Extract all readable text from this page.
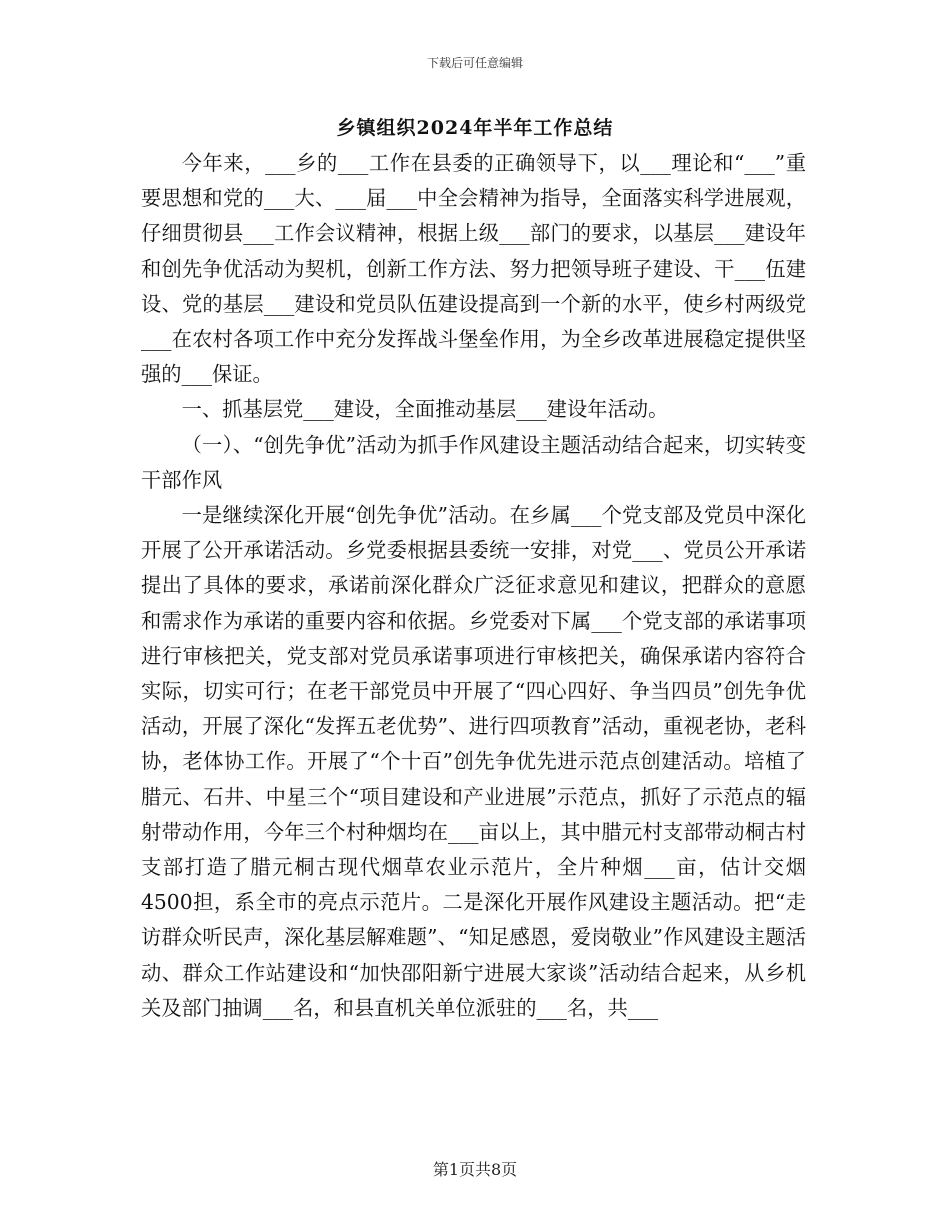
下载后可任意编辑
乡镇组织2024年半年工作总结

今年来，___乡的___工作在县委的正确领导下，以___理论和“___”重要思想和党的___大、___届___中全会精神为指导，全面落实科学进展观，仔细贯彻县___工作会议精神，根据上级___部门的要求，以基层___建设年和创先争优活动为契机，创新工作方法、努力把领导班子建设、干___伍建设、党的基层___建设和党员队伍建设提高到一个新的水平，使乡村两级党___在农村各项工作中充分发挥战斗堡垒作用，为全乡改革进展稳定提供坚强的___保证。

一、抓基层党___建设，全面推动基层___建设年活动。

（一）、“创先争优”活动为抓手作风建设主题活动结合起来，切实转变干部作风

一是继续深化开展“创先争优”活动。在乡属___个党支部及党员中深化开展了公开承诺活动。乡党委根据县委统一安排，对党___、党员公开承诺提出了具体的要求，承诺前深化群众广泛征求意见和建议，把群众的意愿和需求作为承诺的重要内容和依据。乡党委对下属___个党支部的承诺事项进行审核把关，党支部对党员承诺事项进行审核把关，确保承诺内容符合实际，切实可行；在老干部党员中开展了“四心四好、争当四员”创先争优活动，开展了深化“发挥五老优势”、进行四项教育”活动，重视老协，老科协，老体协工作。开展了“个十百”创先争优先进示范点创建活动。培植了腊元、石井、中星三个“项目建设和产业进展”示范点，抓好了示范点的辐射带动作用，今年三个村种烟均在___亩以上，其中腊元村支部带动桐古村支部打造了腊元桐古现代烟草农业示范片，全片种烟___亩，估计交烟4500担，系全市的亮点示范片。二是深化开展作风建设主题活动。把“走访群众听民声，深化基层解难题”、“知足感恩，爱岗敬业”作风建设主题活动、群众工作站建设和“加快邵阳新宁进展大家谈”活动结合起来，从乡机关及部门抽调___名，和县直机关单位派驻的___名，共___

第1页共8页
